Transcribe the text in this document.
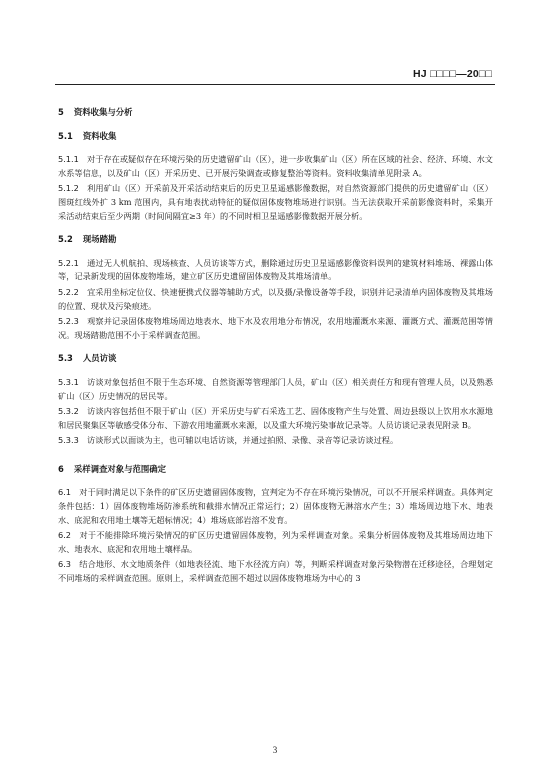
HJ □□□□—20□□
5 资料收集与分析
5.1 资料收集

5.1.1  对于存在或疑似存在环境污染的历史遗留矿山（区），进一步收集矿山（区）所在区域的社会、经济、环境、水文水系等信息，以及矿山（区）开采历史、已开展污染调查或修复整治等资料。资料收集清单见附录 A。

5.1.2  利用矿山（区）开采前及开采活动结束后的历史卫星遥感影像数据，对自然资源部门提供的历史遗留矿山（区）图斑红线外扩 3 km 范围内，具有地表扰动特征的疑似固体废物堆场进行识别。当无法获取开采前影像资料时，采集开采活动结束后至少两期（时间间隔宜≥3 年）的不同时相卫星遥感影像数据开展分析。

5.2 现场踏勘

5.2.1  通过无人机航拍、现场核查、人员访谈等方式，删除通过历史卫星遥感影像资料误判的建筑材料堆场、裸露山体等，记录新发现的固体废物堆场，建立矿区历史遗留固体废物及其堆场清单。

5.2.2  宜采用坐标定位仪、快速便携式仪器等辅助方式，以及摄/录像设备等手段，识别并记录清单内固体废物及其堆场的位置、现状及污染痕迹。

5.2.3  观察并记录固体废物堆场周边地表水、地下水及农用地分布情况，农用地灌溉水来源、灌溉方式、灌溉范围等情况。现场踏勘范围不小于采样调查范围。

5.3 人员访谈

5.3.1  访谈对象包括但不限于生态环境、自然资源等管理部门人员，矿山（区）相关责任方和现有管理人员，以及熟悉矿山（区）历史情况的居民等。

5.3.2  访谈内容包括但不限于矿山（区）开采历史与矿石采选工艺、固体废物产生与处置、周边县级以上饮用水水源地和居民聚集区等敏感受体分布、下游农用地灌溉水来源，以及重大环境污染事故记录等。人员访谈记录表见附录 B。

5.3.3  访谈形式以面谈为主，也可辅以电话访谈，并通过拍照、录像、录音等记录访谈过程。

6 采样调查对象与范围确定

6.1  对于同时满足以下条件的矿区历史遗留固体废物，宜判定为不存在环境污染情况，可以不开展采样调查。具体判定条件包括：1）固体废物堆场防渗系统和截排水情况正常运行；2）固体废物无淋溶水产生；3）堆场周边地下水、地表水、底泥和农用地土壤等无超标情况；4）堆场底部岩溶不发育。

6.2  对于不能排除环境污染情况的矿区历史遗留固体废物，列为采样调查对象。采集分析固体废物及其堆场周边地下水、地表水、底泥和农用地土壤样品。

6.3  结合地形、水文地质条件（如地表径流、地下水径流方向）等，判断采样调查对象污染物潜在迁移途径，合理划定不同堆场的采样调查范围。原则上，采样调查范围不超过以固体废物堆场为中心的 3

3
